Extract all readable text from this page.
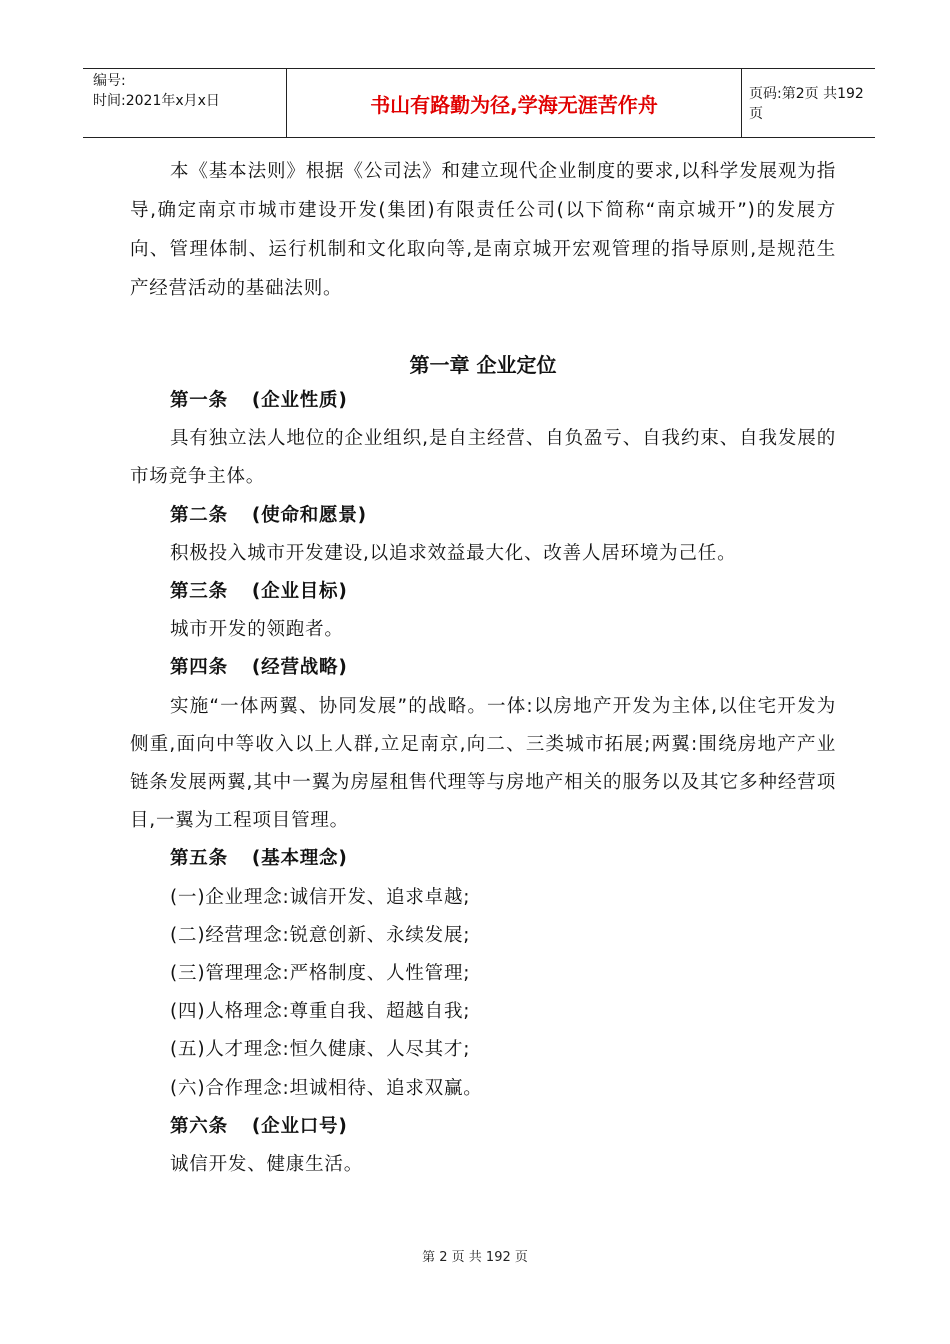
编号:
时间:2021年x月x日	书山有路勤为径,学海无涯苦作舟	页码:第2页 共192页
本《基本法则》根据《公司法》和建立现代企业制度的要求,以科学发展观为指导,确定南京市城市建设开发(集团)有限责任公司(以下简称“南京城开”)的发展方向、管理体制、运行机制和文化取向等,是南京城开宏观管理的指导原则,是规范生产经营活动的基础法则。
第一章 企业定位
第一条 (企业性质)
具有独立法人地位的企业组织,是自主经营、自负盈亏、自我约束、自我发展的市场竞争主体。
第二条 (使命和愿景)
积极投入城市开发建设,以追求效益最大化、改善人居环境为己任。
第三条 (企业目标)
城市开发的领跑者。
第四条 (经营战略)
实施“一体两翼、协同发展”的战略。一体:以房地产开发为主体,以住宅开发为侧重,面向中等收入以上人群,立足南京,向二、三类城市拓展;两翼:围绕房地产产业链条发展两翼,其中一翼为房屋租售代理等与房地产相关的服务以及其它多种经营项目,一翼为工程项目管理。
第五条 (基本理念)
(一)企业理念:诚信开发、追求卓越;
(二)经营理念:锐意创新、永续发展;
(三)管理理念:严格制度、人性管理;
(四)人格理念:尊重自我、超越自我;
(五)人才理念:恒久健康、人尽其才;
(六)合作理念:坦诚相待、追求双赢。
第六条 (企业口号)
诚信开发、健康生活。
第 2 页 共 192 页
